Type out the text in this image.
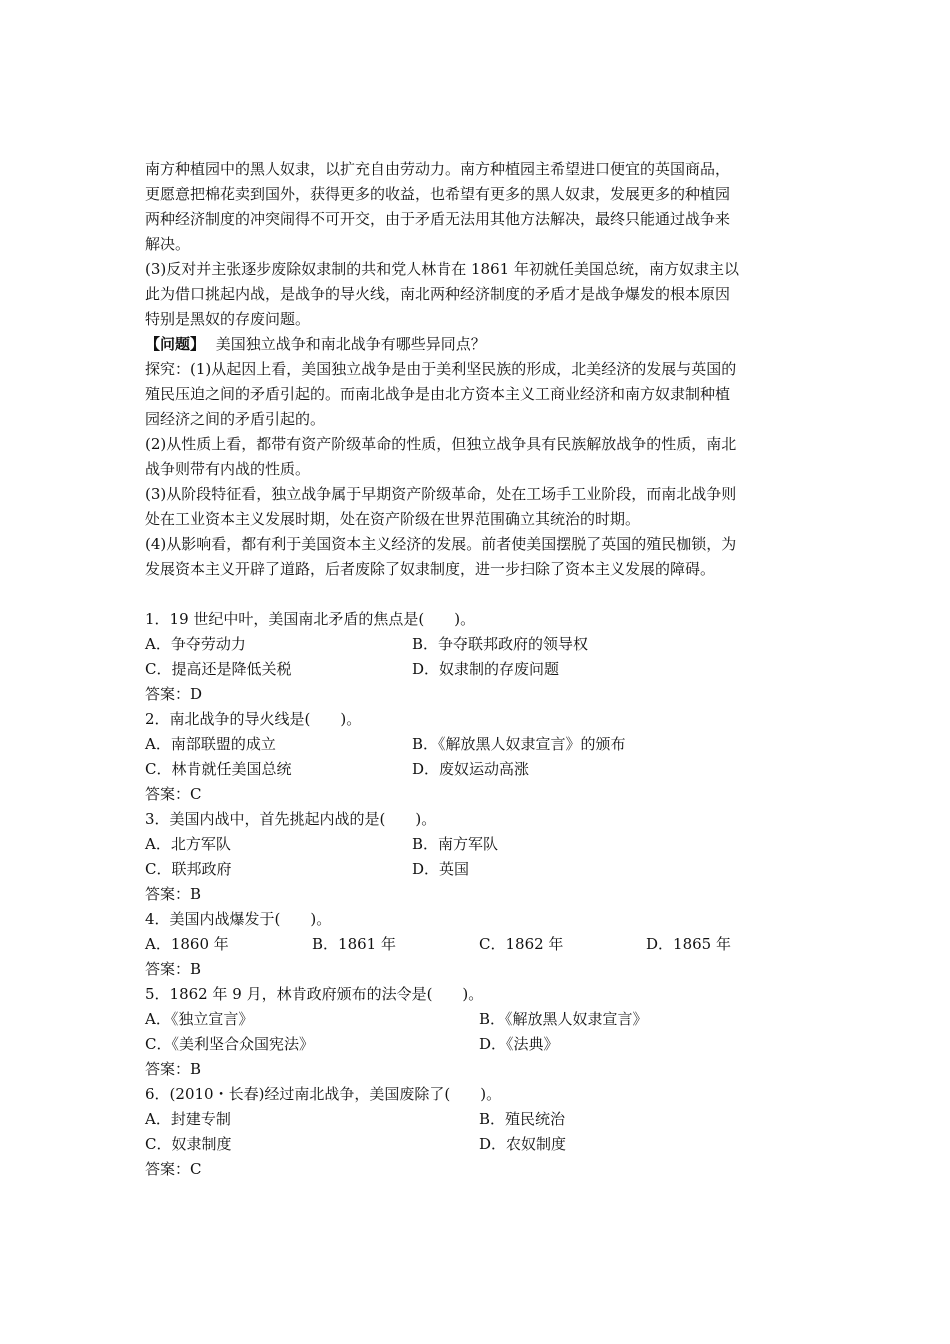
南方种植园中的黑人奴隶，以扩充自由劳动力。南方种植园主希望进口便宜的英国商品，
更愿意把棉花卖到国外，获得更多的收益，也希望有更多的黑人奴隶，发展更多的种植园
两种经济制度的冲突闹得不可开交，由于矛盾无法用其他方法解决，最终只能通过战争来
解决。
(3)反对并主张逐步废除奴隶制的共和党人林肯在 1861 年初就任美国总统，南方奴隶主以
此为借口挑起内战，是战争的导火线，南北两种经济制度的矛盾才是战争爆发的根本原因
特别是黑奴的存废问题。
【问题】 美国独立战争和南北战争有哪些异同点？
探究：(1)从起因上看，美国独立战争是由于美利坚民族的形成，北美经济的发展与英国的
殖民压迫之间的矛盾引起的。而南北战争是由北方资本主义工商业经济和南方奴隶制种植
园经济之间的矛盾引起的。
(2)从性质上看，都带有资产阶级革命的性质，但独立战争具有民族解放战争的性质，南北
战争则带有内战的性质。
(3)从阶段特征看，独立战争属于早期资产阶级革命，处在工场手工业阶段，而南北战争则
处在工业资本主义发展时期，处在资产阶级在世界范围确立其统治的时期。
(4)从影响看，都有利于美国资本主义经济的发展。前者使美国摆脱了英国的殖民枷锁，为
发展资本主义开辟了道路，后者废除了奴隶制度，进一步扫除了资本主义发展的障碍。
1．19 世纪中叶，美国南北矛盾的焦点是(　　)。
A．争夺劳动力	B．争夺联邦政府的领导权
C．提高还是降低关税	D．奴隶制的存废问题
答案：D
2．南北战争的导火线是(　　)。
A．南部联盟的成立	B．《解放黑人奴隶宣言》的颁布
C．林肯就任美国总统	D．废奴运动高涨
答案：C
3．美国内战中，首先挑起内战的是(　　)。
A．北方军队	B．南方军队
C．联邦政府	D．英国
答案：B
4．美国内战爆发于(　　)。
A．1860 年	B．1861 年	C．1862 年	D．1865 年
答案：B
5．1862 年 9 月，林肯政府颁布的法令是(　　)。
A．《独立宣言》	B．《解放黑人奴隶宣言》
C．《美利坚合众国宪法》	D．《法典》
答案：B
6．(2010・长春)经过南北战争，美国废除了(　　)。
A．封建专制	B．殖民统治
C．奴隶制度	D．农奴制度
答案：C
